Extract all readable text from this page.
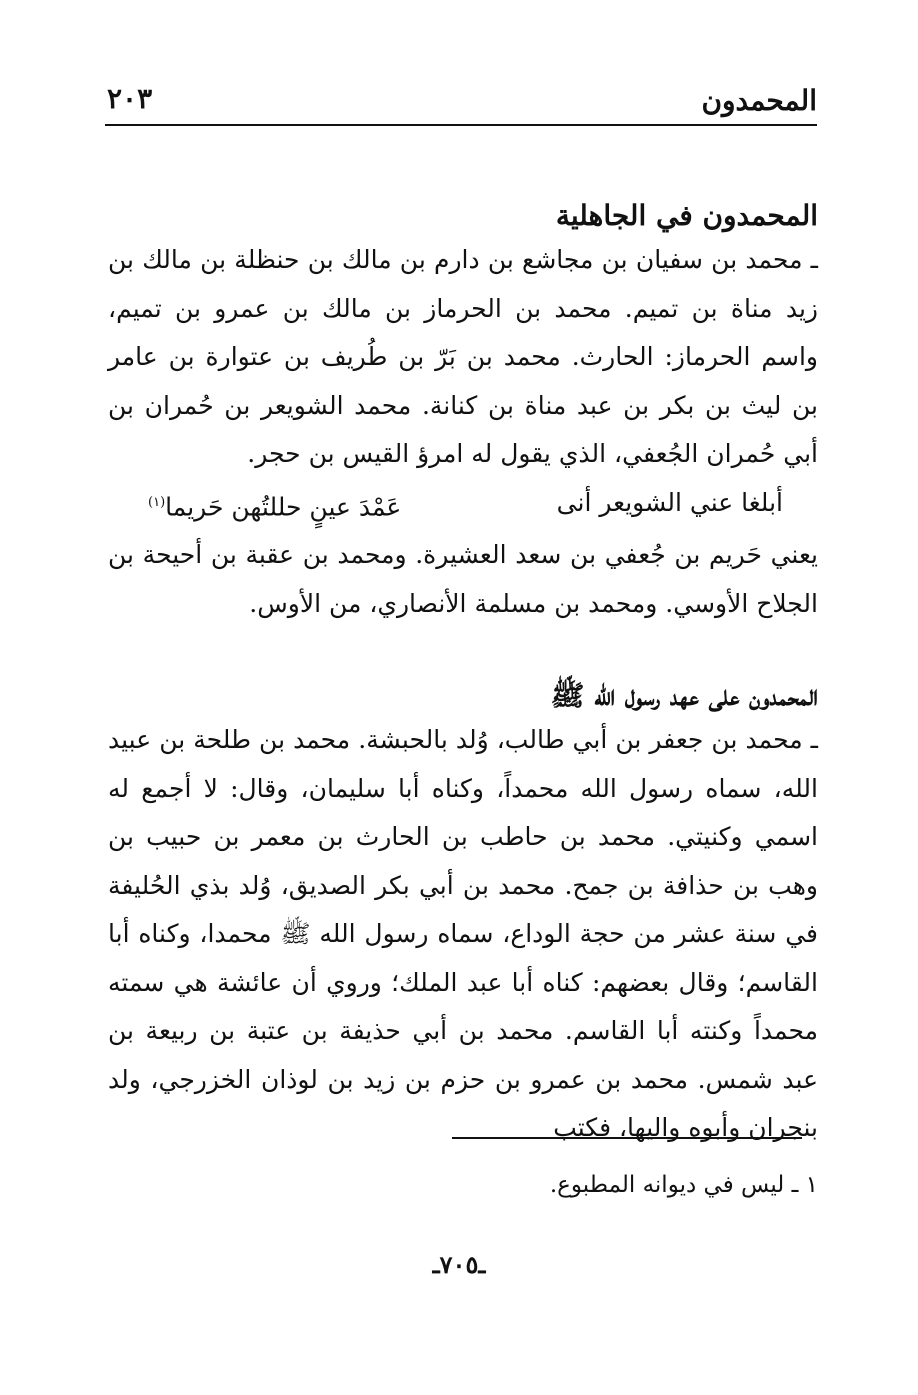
المحمدون
٢٠٣
المحمدون في الجاهلية

ـ محمد بن سفيان بن مجاشع بن دارم بن مالك بن حنظلة بن مالك بن زيد مناة بن تميم. محمد بن الحرماز بن مالك بن عمرو بن تميم، واسم الحرماز: الحارث. محمد بن بَرّ بن طُريف بن عتوارة بن عامر بن ليث بن بكر بن عبد مناة بن كنانة. محمد الشويعر بن حُمران بن أبي حُمران الجُعفي، الذي يقول له امرؤ القيس بن حجر.

أبلغا عني الشويعر أنى
عَمْدَ عينٍ حللتُهن حَريما$^{(١)}$

يعني حَريم بن جُعفي بن سعد العشيرة. ومحمد بن عقبة بن أحيحة بن الجلاح الأوسي. ومحمد بن مسلمة الأنصاري، من الأوس.

المحمدون على عهد رسول الله ﷺ

ـ محمد بن جعفر بن أبي طالب، وُلد بالحبشة. محمد بن طلحة بن عبيد الله، سماه رسول الله محمداً، وكناه أبا سليمان، وقال: لا أجمع له اسمي وكنيتي. محمد بن حاطب بن الحارث بن معمر بن حبيب بن وهب بن حذافة بن جمح. محمد بن أبي بكر الصديق، وُلد بذي الحُليفة في سنة عشر من حجة الوداع، سماه رسول الله ﷺ محمدا، وكناه أبا القاسم؛ وقال بعضهم: كناه أبا عبد الملك؛ وروي أن عائشة هي سمته محمداً وكنته أبا القاسم. محمد بن أبي حذيفة بن عتبة بن ربيعة بن عبد شمس. محمد بن عمرو بن حزم بن زيد بن لوذان الخزرجي، ولد بنجران وأبوه واليها، فكتب

١ ـ ليس في ديوانه المطبوع.
ـ٧٠٥ـ
